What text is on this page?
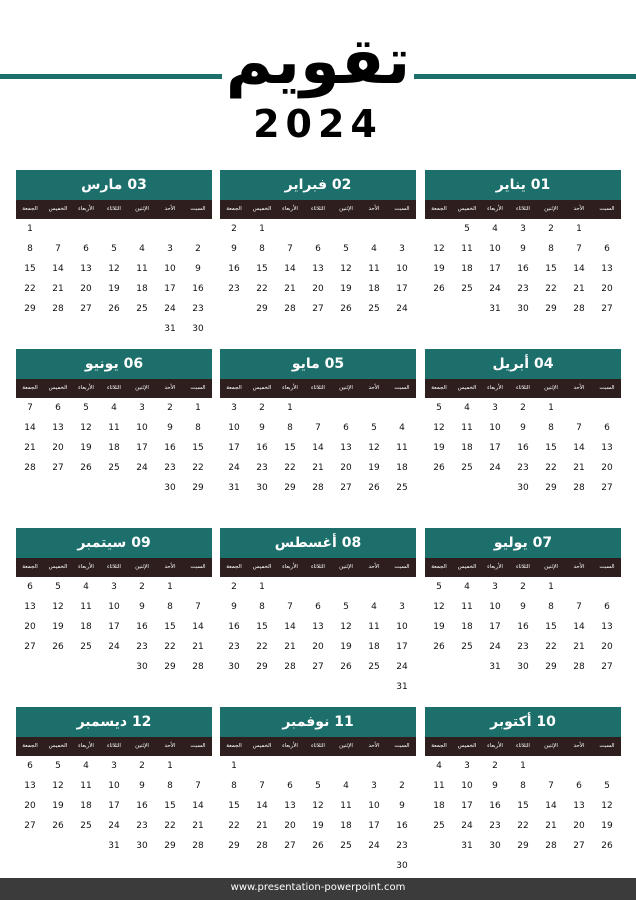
تقويم
2024
01 يناير
السبت
الأحد
الإثنين
الثلاثاء
الأربعاء
الخميس
الجمعة
1
2
3
4
5
6
7
8
9
10
11
12
13
14
15
16
17
18
19
20
21
22
23
24
25
26
27
28
29
30
31
02 فبراير
السبت
الأحد
الإثنين
الثلاثاء
الأربعاء
الخميس
الجمعة
1
2
3
4
5
6
7
8
9
10
11
12
13
14
15
16
17
18
19
20
21
22
23
24
25
26
27
28
29
03 مارس
السبت
الأحد
الإثنين
الثلاثاء
الأربعاء
الخميس
الجمعة
1
2
3
4
5
6
7
8
9
10
11
12
13
14
15
16
17
18
19
20
21
22
23
24
25
26
27
28
29
30
31
04 أبريل
السبت
الأحد
الإثنين
الثلاثاء
الأربعاء
الخميس
الجمعة
1
2
3
4
5
6
7
8
9
10
11
12
13
14
15
16
17
18
19
20
21
22
23
24
25
26
27
28
29
30
05 مايو
السبت
الأحد
الإثنين
الثلاثاء
الأربعاء
الخميس
الجمعة
1
2
3
4
5
6
7
8
9
10
11
12
13
14
15
16
17
18
19
20
21
22
23
24
25
26
27
28
29
30
31
06 يونيو
السبت
الأحد
الإثنين
الثلاثاء
الأربعاء
الخميس
الجمعة
1
2
3
4
5
6
7
8
9
10
11
12
13
14
15
16
17
18
19
20
21
22
23
24
25
26
27
28
29
30
07 يوليو
السبت
الأحد
الإثنين
الثلاثاء
الأربعاء
الخميس
الجمعة
1
2
3
4
5
6
7
8
9
10
11
12
13
14
15
16
17
18
19
20
21
22
23
24
25
26
27
28
29
30
31
08 أغسطس
السبت
الأحد
الإثنين
الثلاثاء
الأربعاء
الخميس
الجمعة
1
2
3
4
5
6
7
8
9
10
11
12
13
14
15
16
17
18
19
20
21
22
23
24
25
26
27
28
29
30
31
09 سيتمبر
السبت
الأحد
الإثنين
الثلاثاء
الأربعاء
الخميس
الجمعة
1
2
3
4
5
6
7
8
9
10
11
12
13
14
15
16
17
18
19
20
21
22
23
24
25
26
27
28
29
30
10 أكتوبر
السبت
الأحد
الإثنين
الثلاثاء
الأربعاء
الخميس
الجمعة
1
2
3
4
5
6
7
8
9
10
11
12
13
14
15
16
17
18
19
20
21
22
23
24
25
26
27
28
29
30
31
11 نوفمبر
السبت
الأحد
الإثنين
الثلاثاء
الأربعاء
الخميس
الجمعة
1
2
3
4
5
6
7
8
9
10
11
12
13
14
15
16
17
18
19
20
21
22
23
24
25
26
27
28
29
30
12 ديسمبر
السبت
الأحد
الإثنين
الثلاثاء
الأربعاء
الخميس
الجمعة
1
2
3
4
5
6
7
8
9
10
11
12
13
14
15
16
17
18
19
20
21
22
23
24
25
26
27
28
29
30
31
www.presentation-powerpoint.com
